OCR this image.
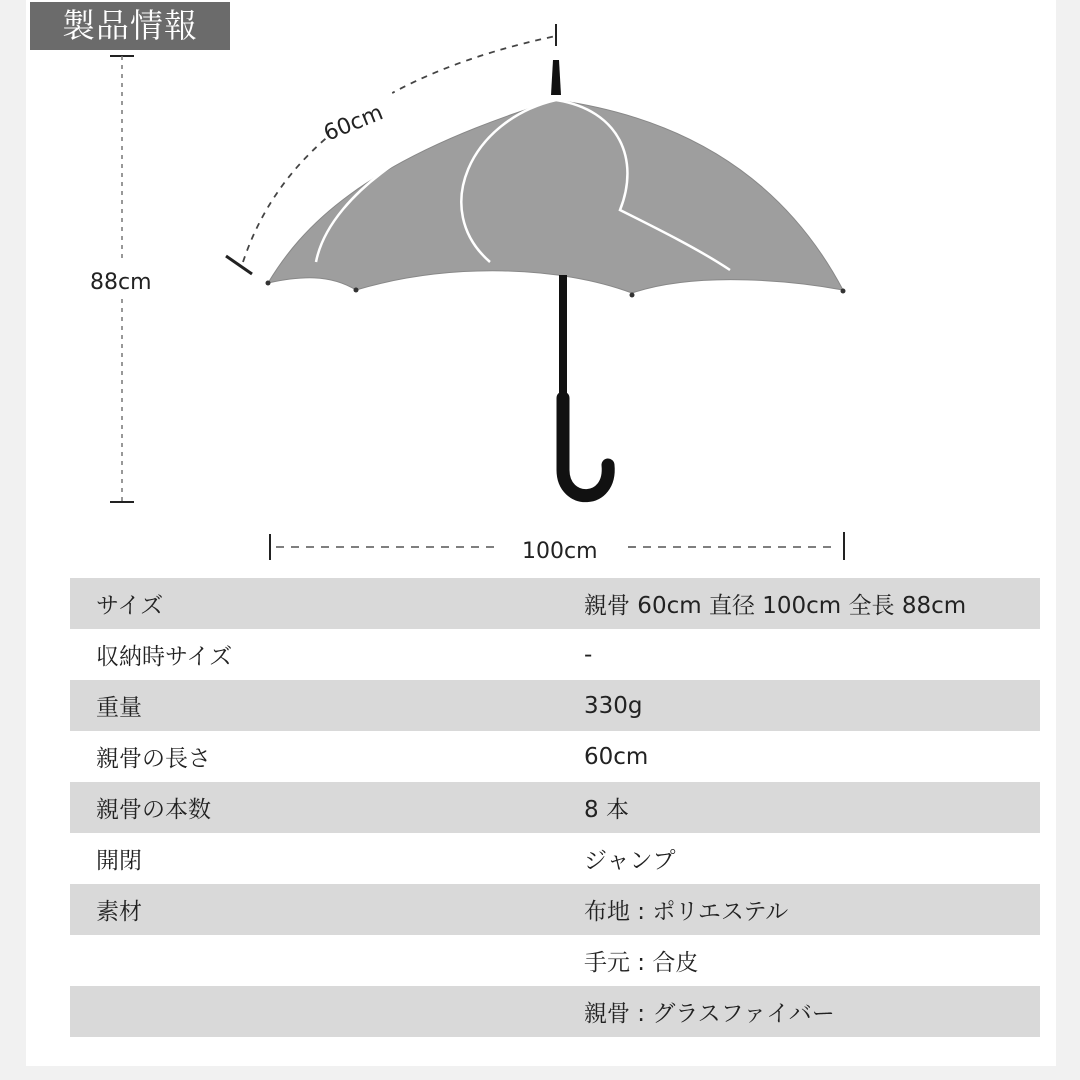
製品情報
88cm
60cm
100cm
サイズ	親骨 60cm 直径 100cm 全長 88cm
収納時サイズ	-
重量	330g
親骨の長さ	60cm
親骨の本数	8 本
開閉	ジャンプ
素材	布地 : ポリエステル
	手元 : 合皮
	親骨 : グラスファイバー
